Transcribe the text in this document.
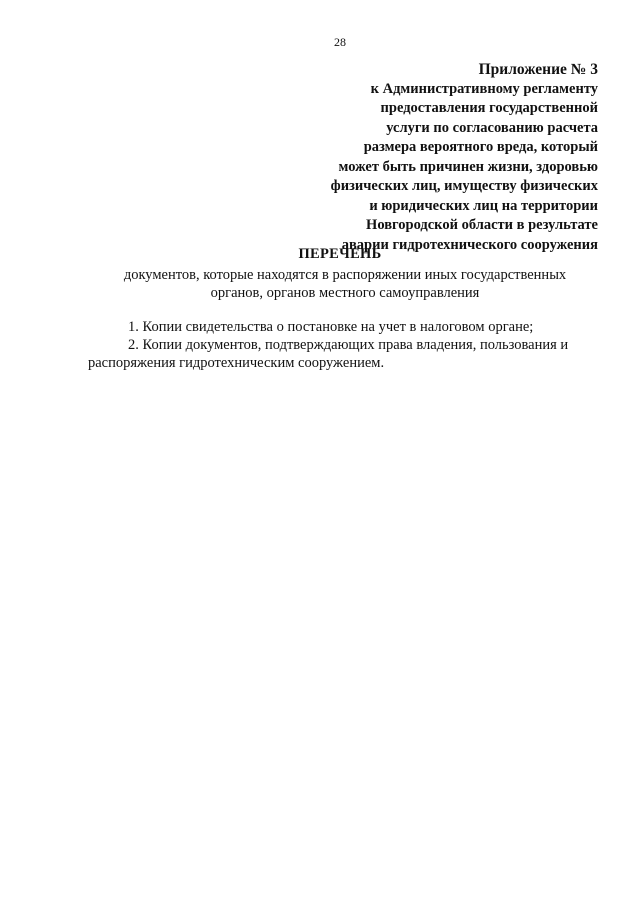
28
Приложение № 3
к Административному регламенту
предоставления государственной
услуги по согласованию расчета
размера вероятного вреда, который
может быть причинен жизни, здоровью
физических лиц, имуществу физических
и юридических лиц на территории
Новгородской области в результате
аварии гидротехнического сооружения
ПЕРЕЧЕНЬ
документов, которые находятся в распоряжении иных государственных
органов, органов местного самоуправления
1. Копии свидетельства о постановке на учет в налоговом органе;
2. Копии документов, подтверждающих права владения, пользования и
распоряжения гидротехническим сооружением.
